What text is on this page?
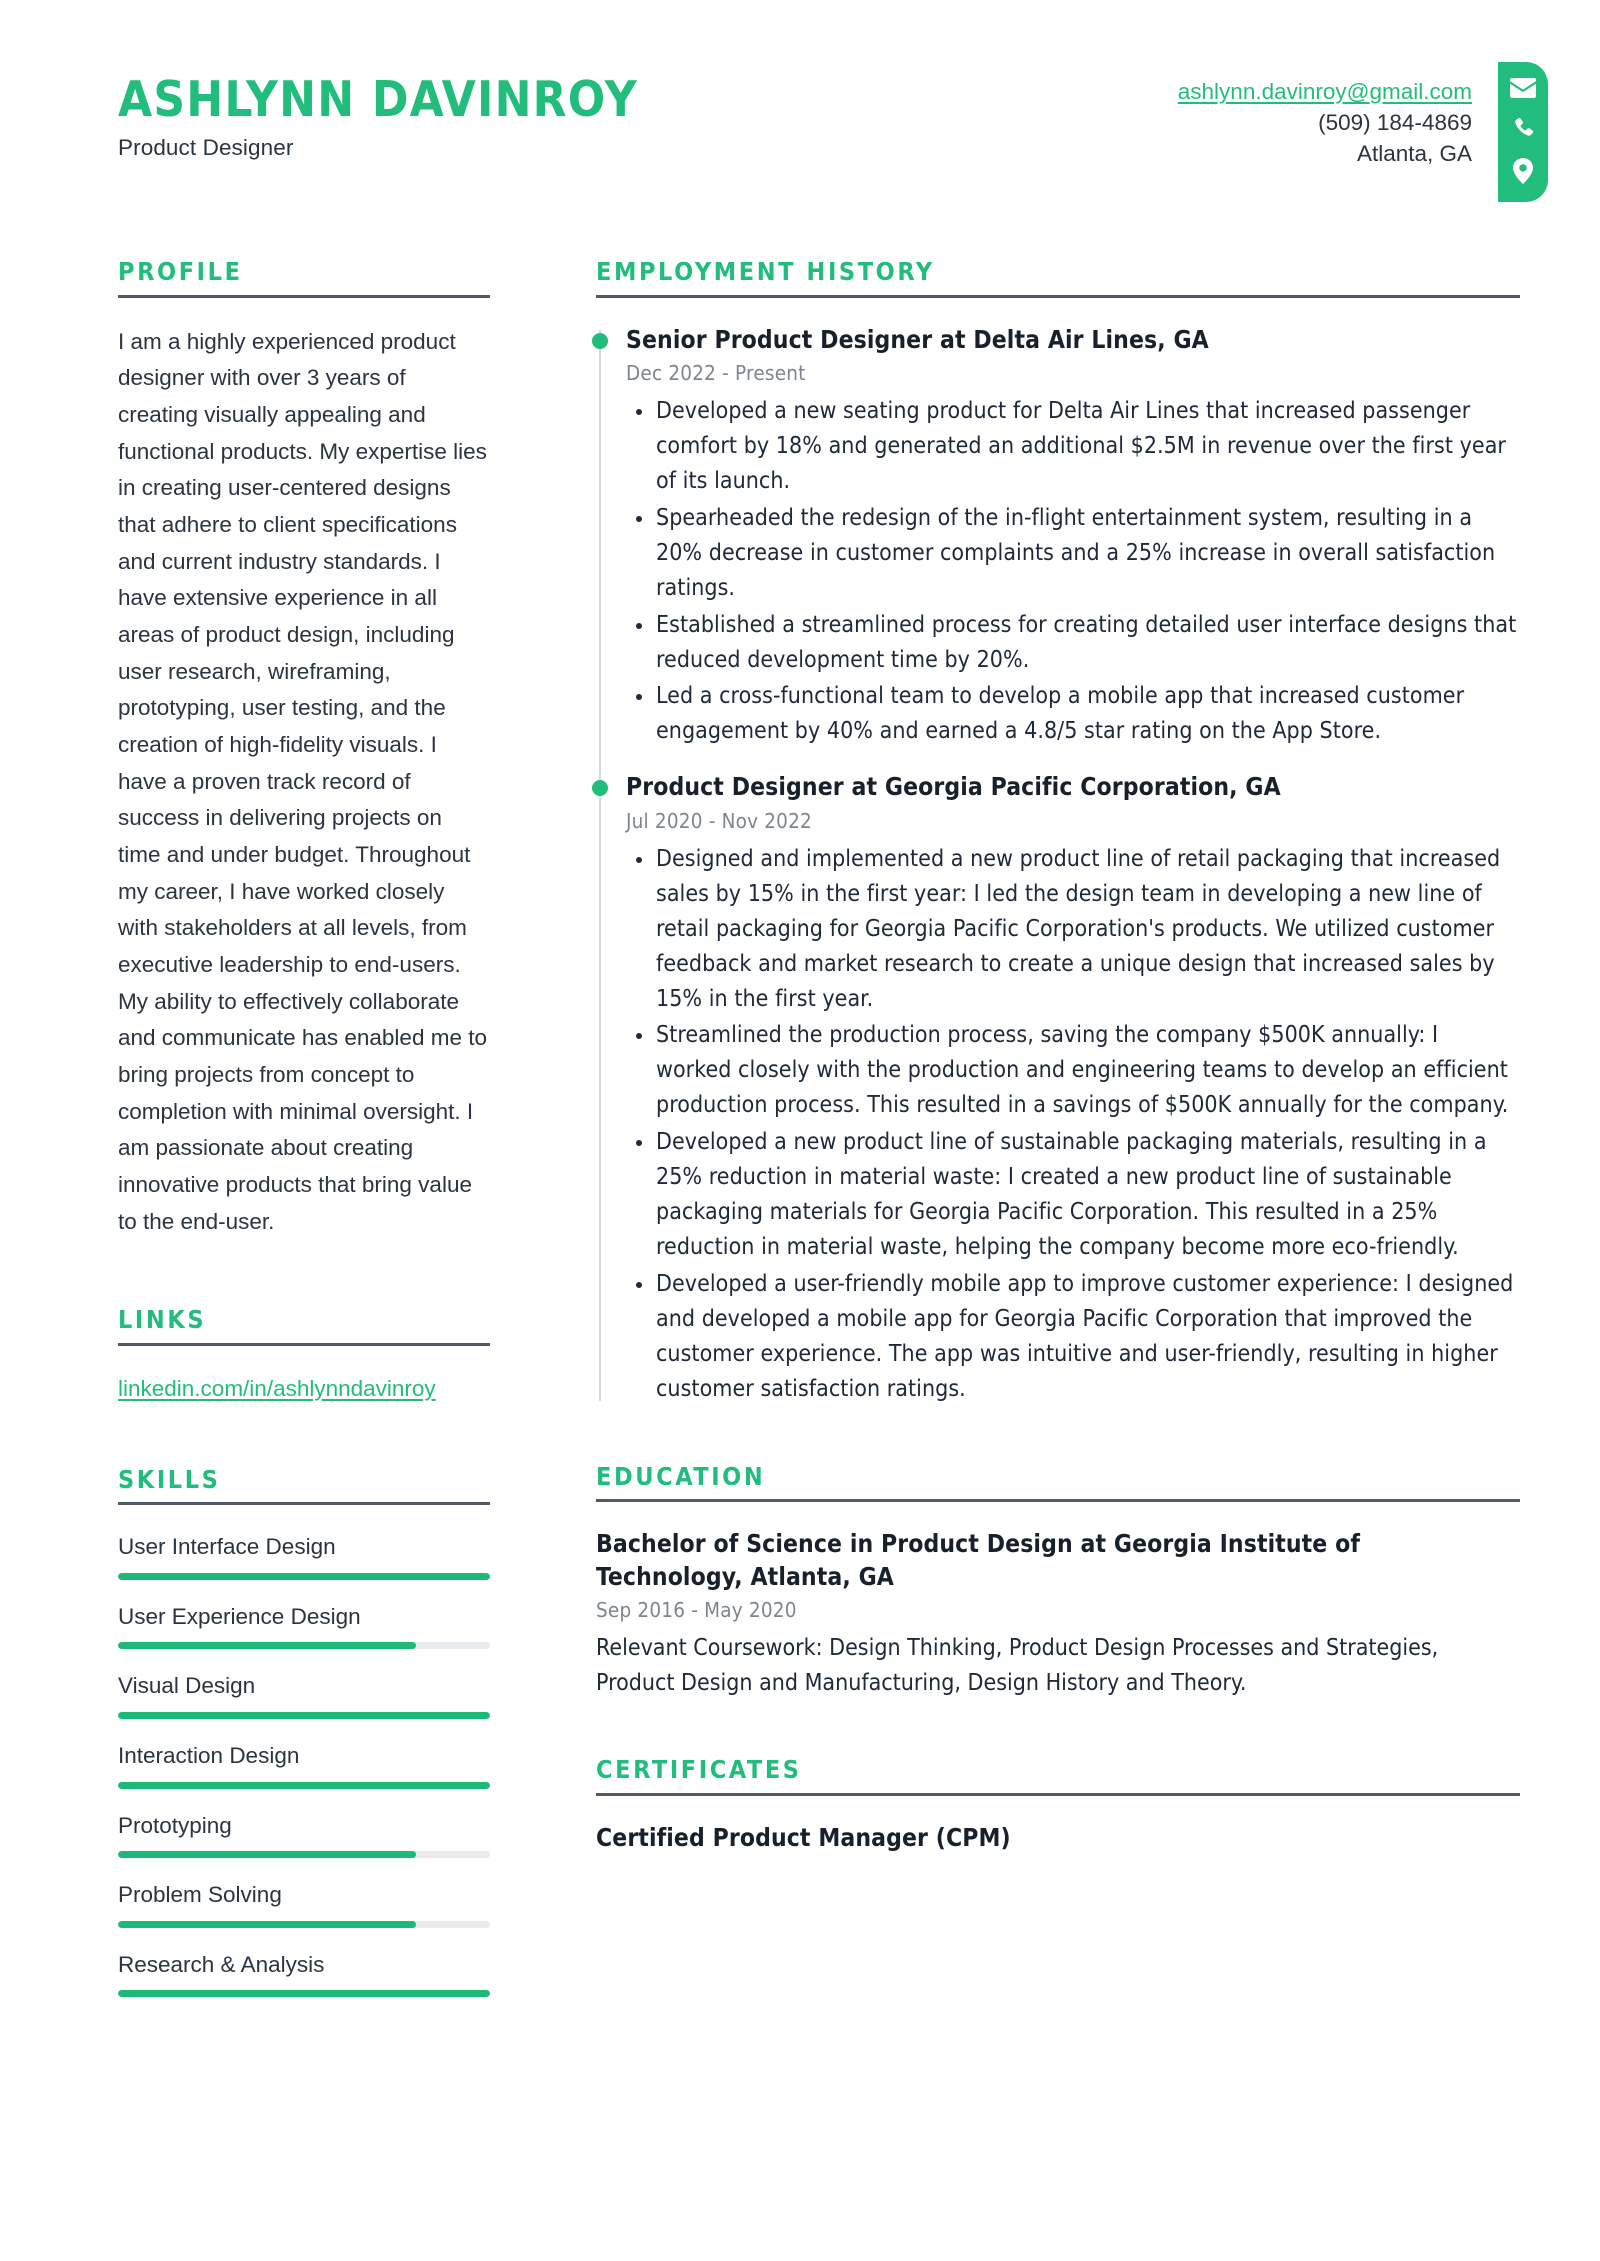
ASHLYNN DAVINROY
Product Designer
ashlynn.davinroy@gmail.com
(509) 184-4869
Atlanta, GA
PROFILE
I am a highly experienced product designer with over 3 years of creating visually appealing and functional products. My expertise lies in creating user-centered designs that adhere to client specifications and current industry standards. I have extensive experience in all areas of product design, including user research, wireframing, prototyping, user testing, and the creation of high-fidelity visuals. I have a proven track record of success in delivering projects on time and under budget. Throughout my career, I have worked closely with stakeholders at all levels, from executive leadership to end-users. My ability to effectively collaborate and communicate has enabled me to bring projects from concept to completion with minimal oversight. I am passionate about creating innovative products that bring value to the end-user.
LINKS
linkedin.com/in/ashlynndavinroy
SKILLS
User Interface Design
User Experience Design
Visual Design
Interaction Design
Prototyping
Problem Solving
Research & Analysis
EMPLOYMENT HISTORY
Senior Product Designer at Delta Air Lines, GA
Dec 2022 - Present
Developed a new seating product for Delta Air Lines that increased passenger comfort by 18% and generated an additional $2.5M in revenue over the first year of its launch.
Spearheaded the redesign of the in-flight entertainment system, resulting in a 20% decrease in customer complaints and a 25% increase in overall satisfaction ratings.
Established a streamlined process for creating detailed user interface designs that reduced development time by 20%.
Led a cross-functional team to develop a mobile app that increased customer engagement by 40% and earned a 4.8/5 star rating on the App Store.
Product Designer at Georgia Pacific Corporation, GA
Jul 2020 - Nov 2022
Designed and implemented a new product line of retail packaging that increased sales by 15% in the first year: I led the design team in developing a new line of retail packaging for Georgia Pacific Corporation's products. We utilized customer feedback and market research to create a unique design that increased sales by 15% in the first year.
Streamlined the production process, saving the company $500K annually: I worked closely with the production and engineering teams to develop an efficient production process. This resulted in a savings of $500K annually for the company.
Developed a new product line of sustainable packaging materials, resulting in a 25% reduction in material waste: I created a new product line of sustainable packaging materials for Georgia Pacific Corporation. This resulted in a 25% reduction in material waste, helping the company become more eco-friendly.
Developed a user-friendly mobile app to improve customer experience: I designed and developed a mobile app for Georgia Pacific Corporation that improved the customer experience. The app was intuitive and user-friendly, resulting in higher customer satisfaction ratings.
EDUCATION
Bachelor of Science in Product Design at Georgia Institute of Technology, Atlanta, GA
Sep 2016 - May 2020
Relevant Coursework: Design Thinking, Product Design Processes and Strategies, Product Design and Manufacturing, Design History and Theory.
CERTIFICATES
Certified Product Manager (CPM)
